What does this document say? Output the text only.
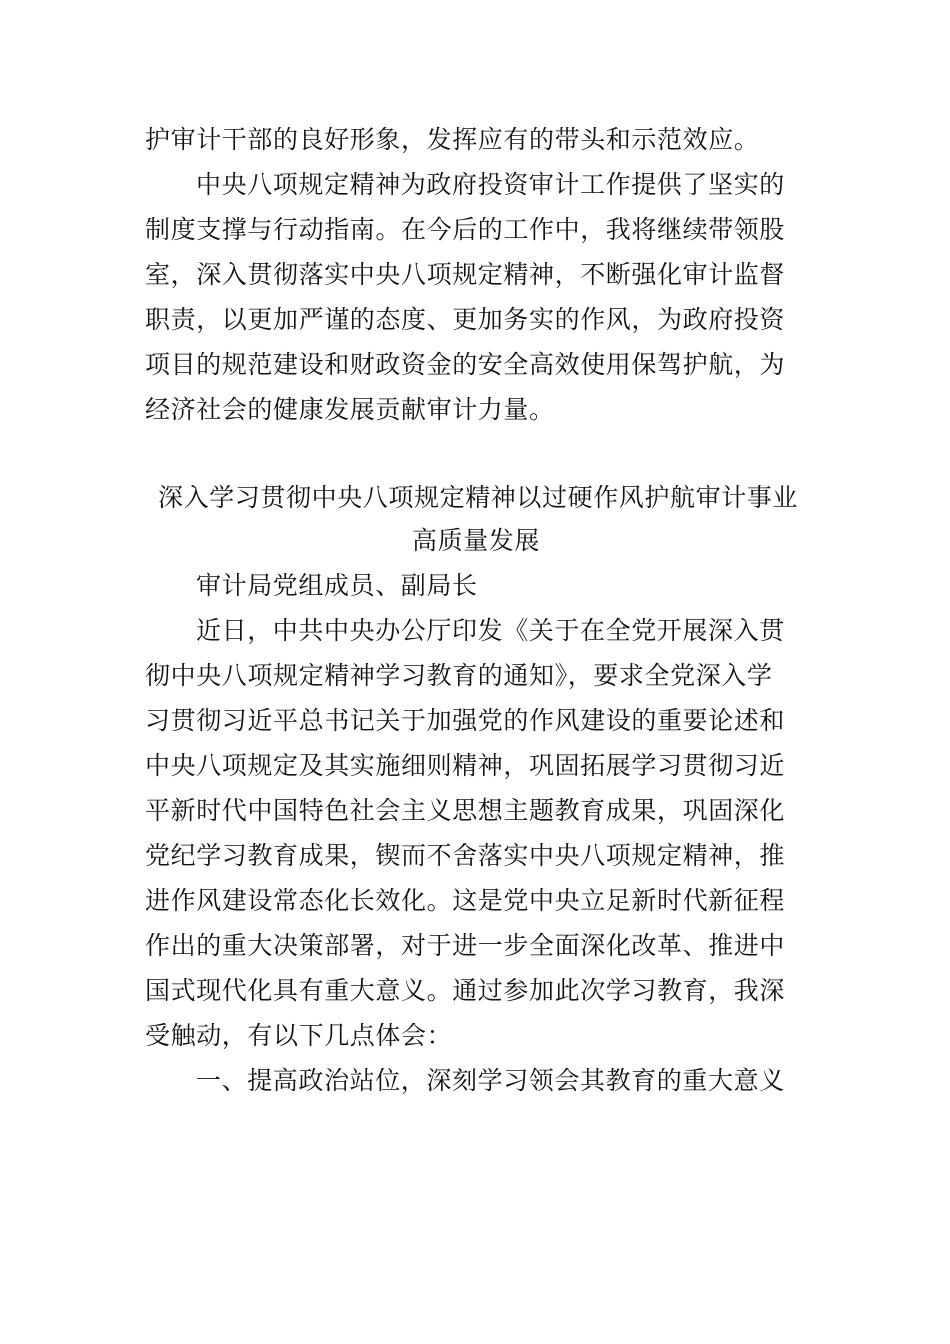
护审计干部的良好形象，发挥应有的带头和示范效应。

中央八项规定精神为政府投资审计工作提供了坚实的

制度支撑与行动指南。在今后的工作中，我将继续带领股

室，深入贯彻落实中央八项规定精神，不断强化审计监督

职责，以更加严谨的态度、更加务实的作风，为政府投资

项目的规范建设和财政资金的安全高效使用保驾护航，为

经济社会的健康发展贡献审计力量。

深入学习贯彻中央八项规定精神以过硬作风护航审计事业

高质量发展

审计局党组成员、副局长

近日，中共中央办公厅印发《关于在全党开展深入贯

彻中央八项规定精神学习教育的通知》，要求全党深入学

习贯彻习近平总书记关于加强党的作风建设的重要论述和

中央八项规定及其实施细则精神，巩固拓展学习贯彻习近

平新时代中国特色社会主义思想主题教育成果，巩固深化

党纪学习教育成果，锲而不舍落实中央八项规定精神，推

进作风建设常态化长效化。这是党中央立足新时代新征程

作出的重大决策部署，对于进一步全面深化改革、推进中

国式现代化具有重大意义。通过参加此次学习教育，我深

受触动，有以下几点体会：

一、提高政治站位，深刻学习领会其教育的重大意义
